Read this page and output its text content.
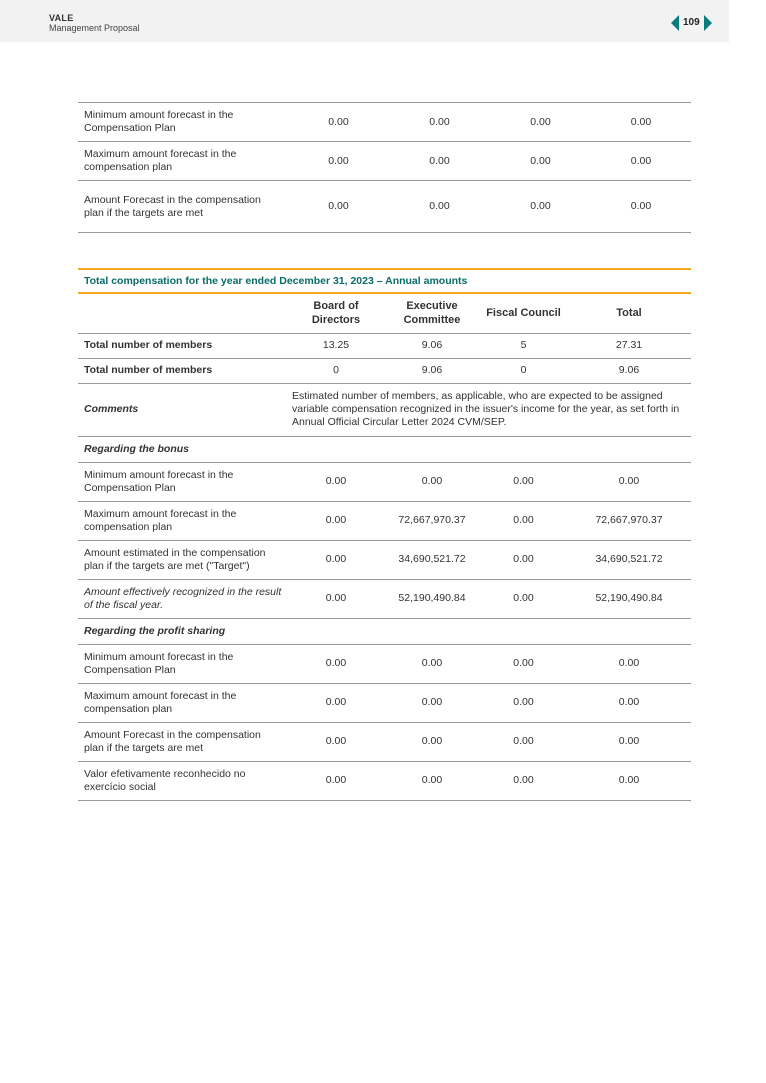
VALE
Management Proposal	109
Minimum amount forecast in the Compensation Plan	0.00	0.00	0.00	0.00
Maximum amount forecast in the compensation plan	0.00	0.00	0.00	0.00
Amount Forecast in the compensation plan if the targets are met	0.00	0.00	0.00	0.00
Total compensation for the year ended December 31, 2023 – Annual amounts				
	Board of Directors	Executive Committee	Fiscal Council	Total
Total number of members	13.25	9.06	5	27.31
Total number of members	0	9.06	0	9.06
Comments	Estimated number of members, as applicable, who are expected to be assigned variable compensation recognized in the issuer's income for the year, as set forth in Annual Official Circular Letter 2024 CVM/SEP.			
Regarding the bonus				
Minimum amount forecast in the Compensation Plan	0.00	0.00	0.00	0.00
Maximum amount forecast in the compensation plan	0.00	72,667,970.37	0.00	72,667,970.37
Amount estimated in the compensation plan if the targets are met ("Target")	0.00	34,690,521.72	0.00	34,690,521.72
Amount effectively recognized in the result of the fiscal year.	0.00	52,190,490.84	0.00	52,190,490.84
Regarding the profit sharing				
Minimum amount forecast in the Compensation Plan	0.00	0.00	0.00	0.00
Maximum amount forecast in the compensation plan	0.00	0.00	0.00	0.00
Amount Forecast in the compensation plan if the targets are met	0.00	0.00	0.00	0.00
Valor efetivamente reconhecido no exercício social	0.00	0.00	0.00	0.00
